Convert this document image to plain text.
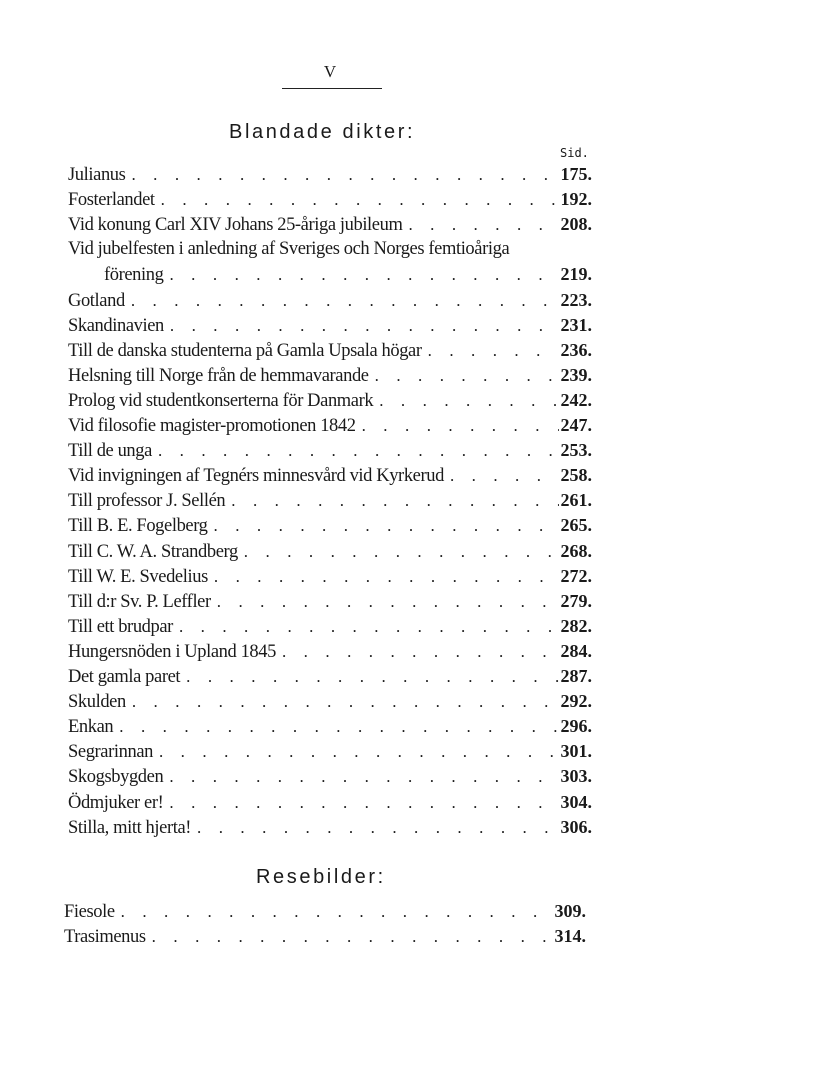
V
Blandade dikter:
Sid.
Julianus . . .	175.
Fosterlandet . . .	192.
Vid konung Carl XIV Johans 25-åriga jubileum . . .	208.
Vid jubelfesten i anledning af Sveriges och Norges femtioåriga
förening . . .	219.
Gotland . . .	223.
Skandinavien . . .	231.
Till de danska studenterna på Gamla Upsala högar . . .	236.
Helsning till Norge från de hemmavarande . . .	239.
Prolog vid studentkonserterna för Danmark . . .	242.
Vid filosofie magister-promotionen 1842 . . .	247.
Till de unga . . .	253.
Vid invigningen af Tegnérs minnesvård vid Kyrkerud . . .	258.
Till professor J. Sellén . . .	261.
Till B. E. Fogelberg . . .	265.
Till C. W. A. Strandberg . . .	268.
Till W. E. Svedelius . . .	272.
Till d:r Sv. P. Leffler . . .	279.
Till ett brudpar . . .	282.
Hungersnöden i Upland 1845 . . .	284.
Det gamla paret . . .	287.
Skulden . . .	292.
Enkan . . .	296.
Segrarinnan . . .	301.
Skogsbygden . . .	303.
Ödmjuker er! . . .	304.
Stilla, mitt hjerta! . . .	306.
Resebilder:
Fiesole . . .	309.
Trasimenus . . .	314.
